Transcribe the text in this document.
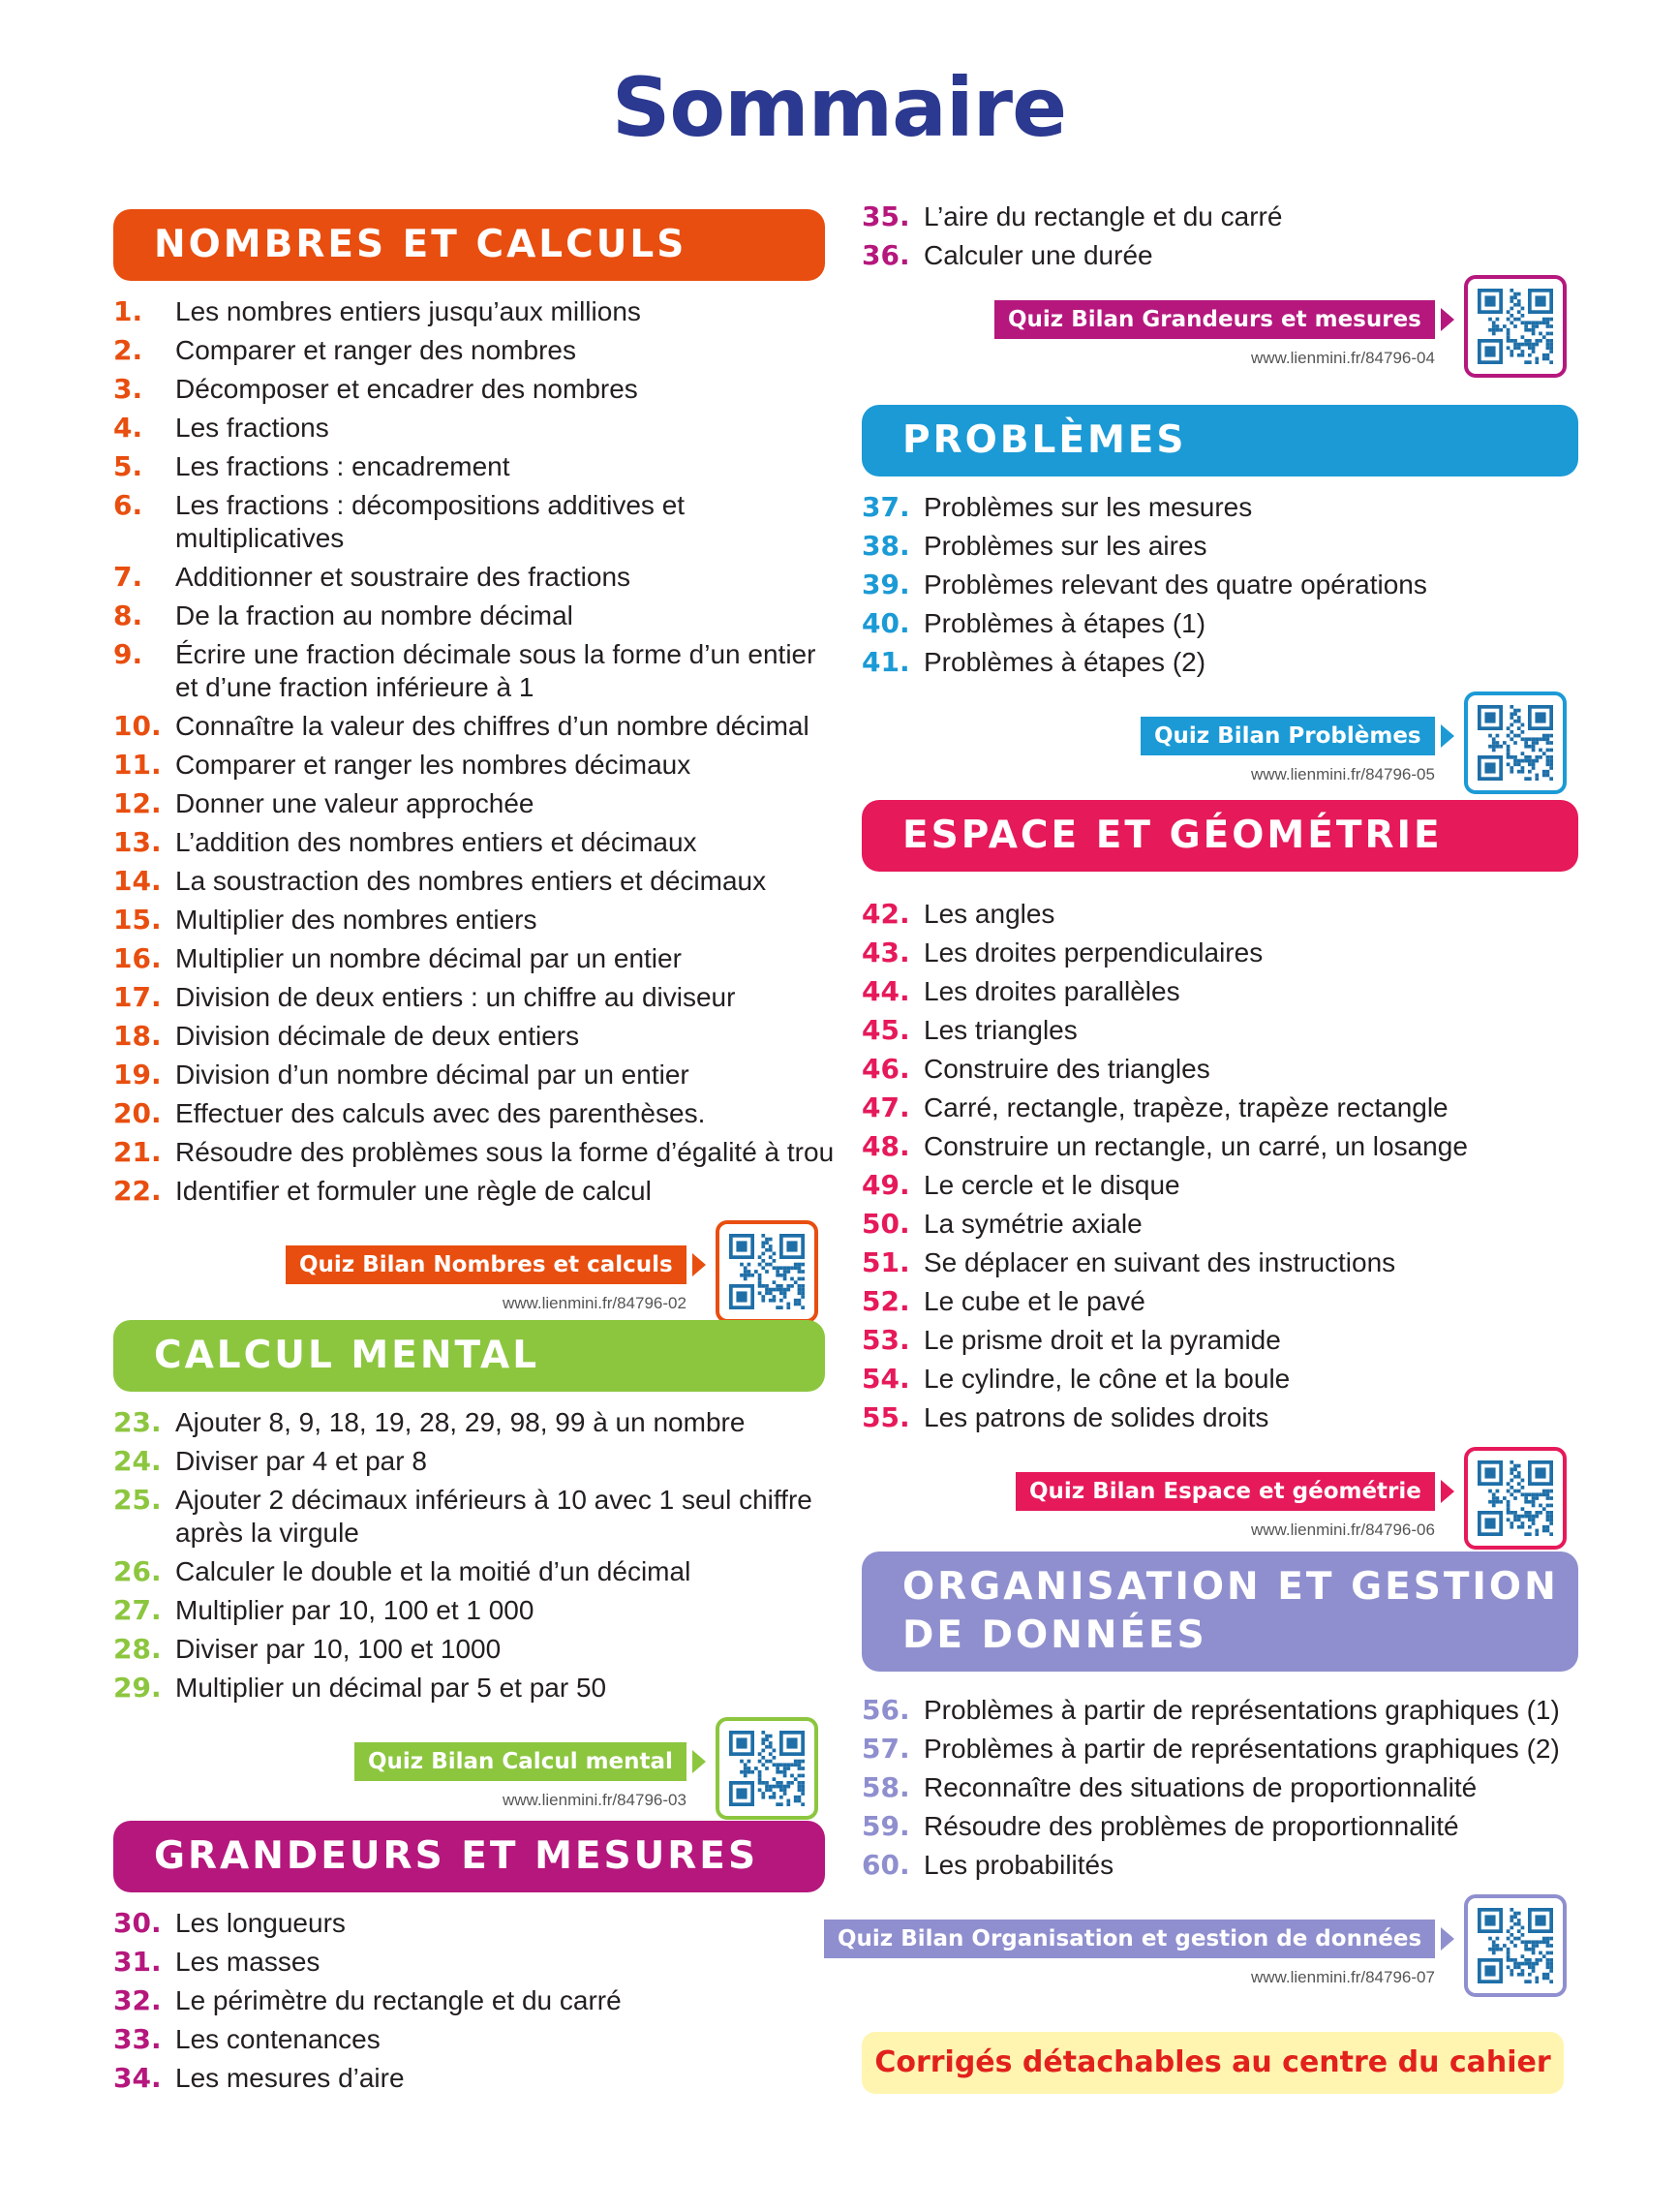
Sommaire
NOMBRES ET CALCULS
1. Les nombres entiers jusqu’aux millions
2. Comparer et ranger des nombres
3. Décomposer et encadrer des nombres
4. Les fractions
5. Les fractions : encadrement
6. Les fractions : décompositions additives et multiplicatives
7. Additionner et soustraire des fractions
8. De la fraction au nombre décimal
9. Écrire une fraction décimale sous la forme d’un entier et d’une fraction inférieure à 1
10. Connaître la valeur des chiffres d’un nombre décimal
11. Comparer et ranger les nombres décimaux
12. Donner une valeur approchée
13. L’addition des nombres entiers et décimaux
14. La soustraction des nombres entiers et décimaux
15. Multiplier des nombres entiers
16. Multiplier un nombre décimal par un entier
17. Division de deux entiers : un chiffre au diviseur
18. Division décimale de deux entiers
19. Division d’un nombre décimal par un entier
20. Effectuer des calculs avec des parenthèses.
21. Résoudre des problèmes sous la forme d’égalité à trou
22. Identifier et formuler une règle de calcul
Quiz Bilan Nombres et calculs
www.lienmini.fr/84796-02
CALCUL MENTAL
23. Ajouter 8, 9, 18, 19, 28, 29, 98, 99 à un nombre
24. Diviser par 4 et par 8
25. Ajouter 2 décimaux inférieurs à 10 avec 1 seul chiffre après la virgule
26. Calculer le double et la moitié d’un décimal
27. Multiplier par 10, 100 et 1 000
28. Diviser par 10, 100 et 1000
29. Multiplier un décimal par 5 et par 50
Quiz Bilan Calcul mental
www.lienmini.fr/84796-03
GRANDEURS ET MESURES
30. Les longueurs
31. Les masses
32. Le périmètre du rectangle et du carré
33. Les contenances
34. Les mesures d’aire
35. L’aire du rectangle et du carré
36. Calculer une durée
Quiz Bilan Grandeurs et mesures
www.lienmini.fr/84796-04
PROBLÈMES
37. Problèmes sur les mesures
38. Problèmes sur les aires
39. Problèmes relevant des quatre opérations
40. Problèmes à étapes (1)
41. Problèmes à étapes (2)
Quiz Bilan Problèmes
www.lienmini.fr/84796-05
ESPACE ET GÉOMÉTRIE
42. Les angles
43. Les droites perpendiculaires
44. Les droites parallèles
45. Les triangles
46. Construire des triangles
47. Carré, rectangle, trapèze, trapèze rectangle
48. Construire un rectangle, un carré, un losange
49. Le cercle et le disque
50. La symétrie axiale
51. Se déplacer en suivant des instructions
52. Le cube et le pavé
53. Le prisme droit et la pyramide
54. Le cylindre, le cône et la boule
55. Les patrons de solides droits
Quiz Bilan Espace et géométrie
www.lienmini.fr/84796-06
ORGANISATION ET GESTION DE DONNÉES
56. Problèmes à partir de représentations graphiques (1)
57. Problèmes à partir de représentations graphiques (2)
58. Reconnaître des situations de proportionnalité
59. Résoudre des problèmes de proportionnalité
60. Les probabilités
Quiz Bilan Organisation et gestion de données
www.lienmini.fr/84796-07
Corrigés détachables au centre du cahier
